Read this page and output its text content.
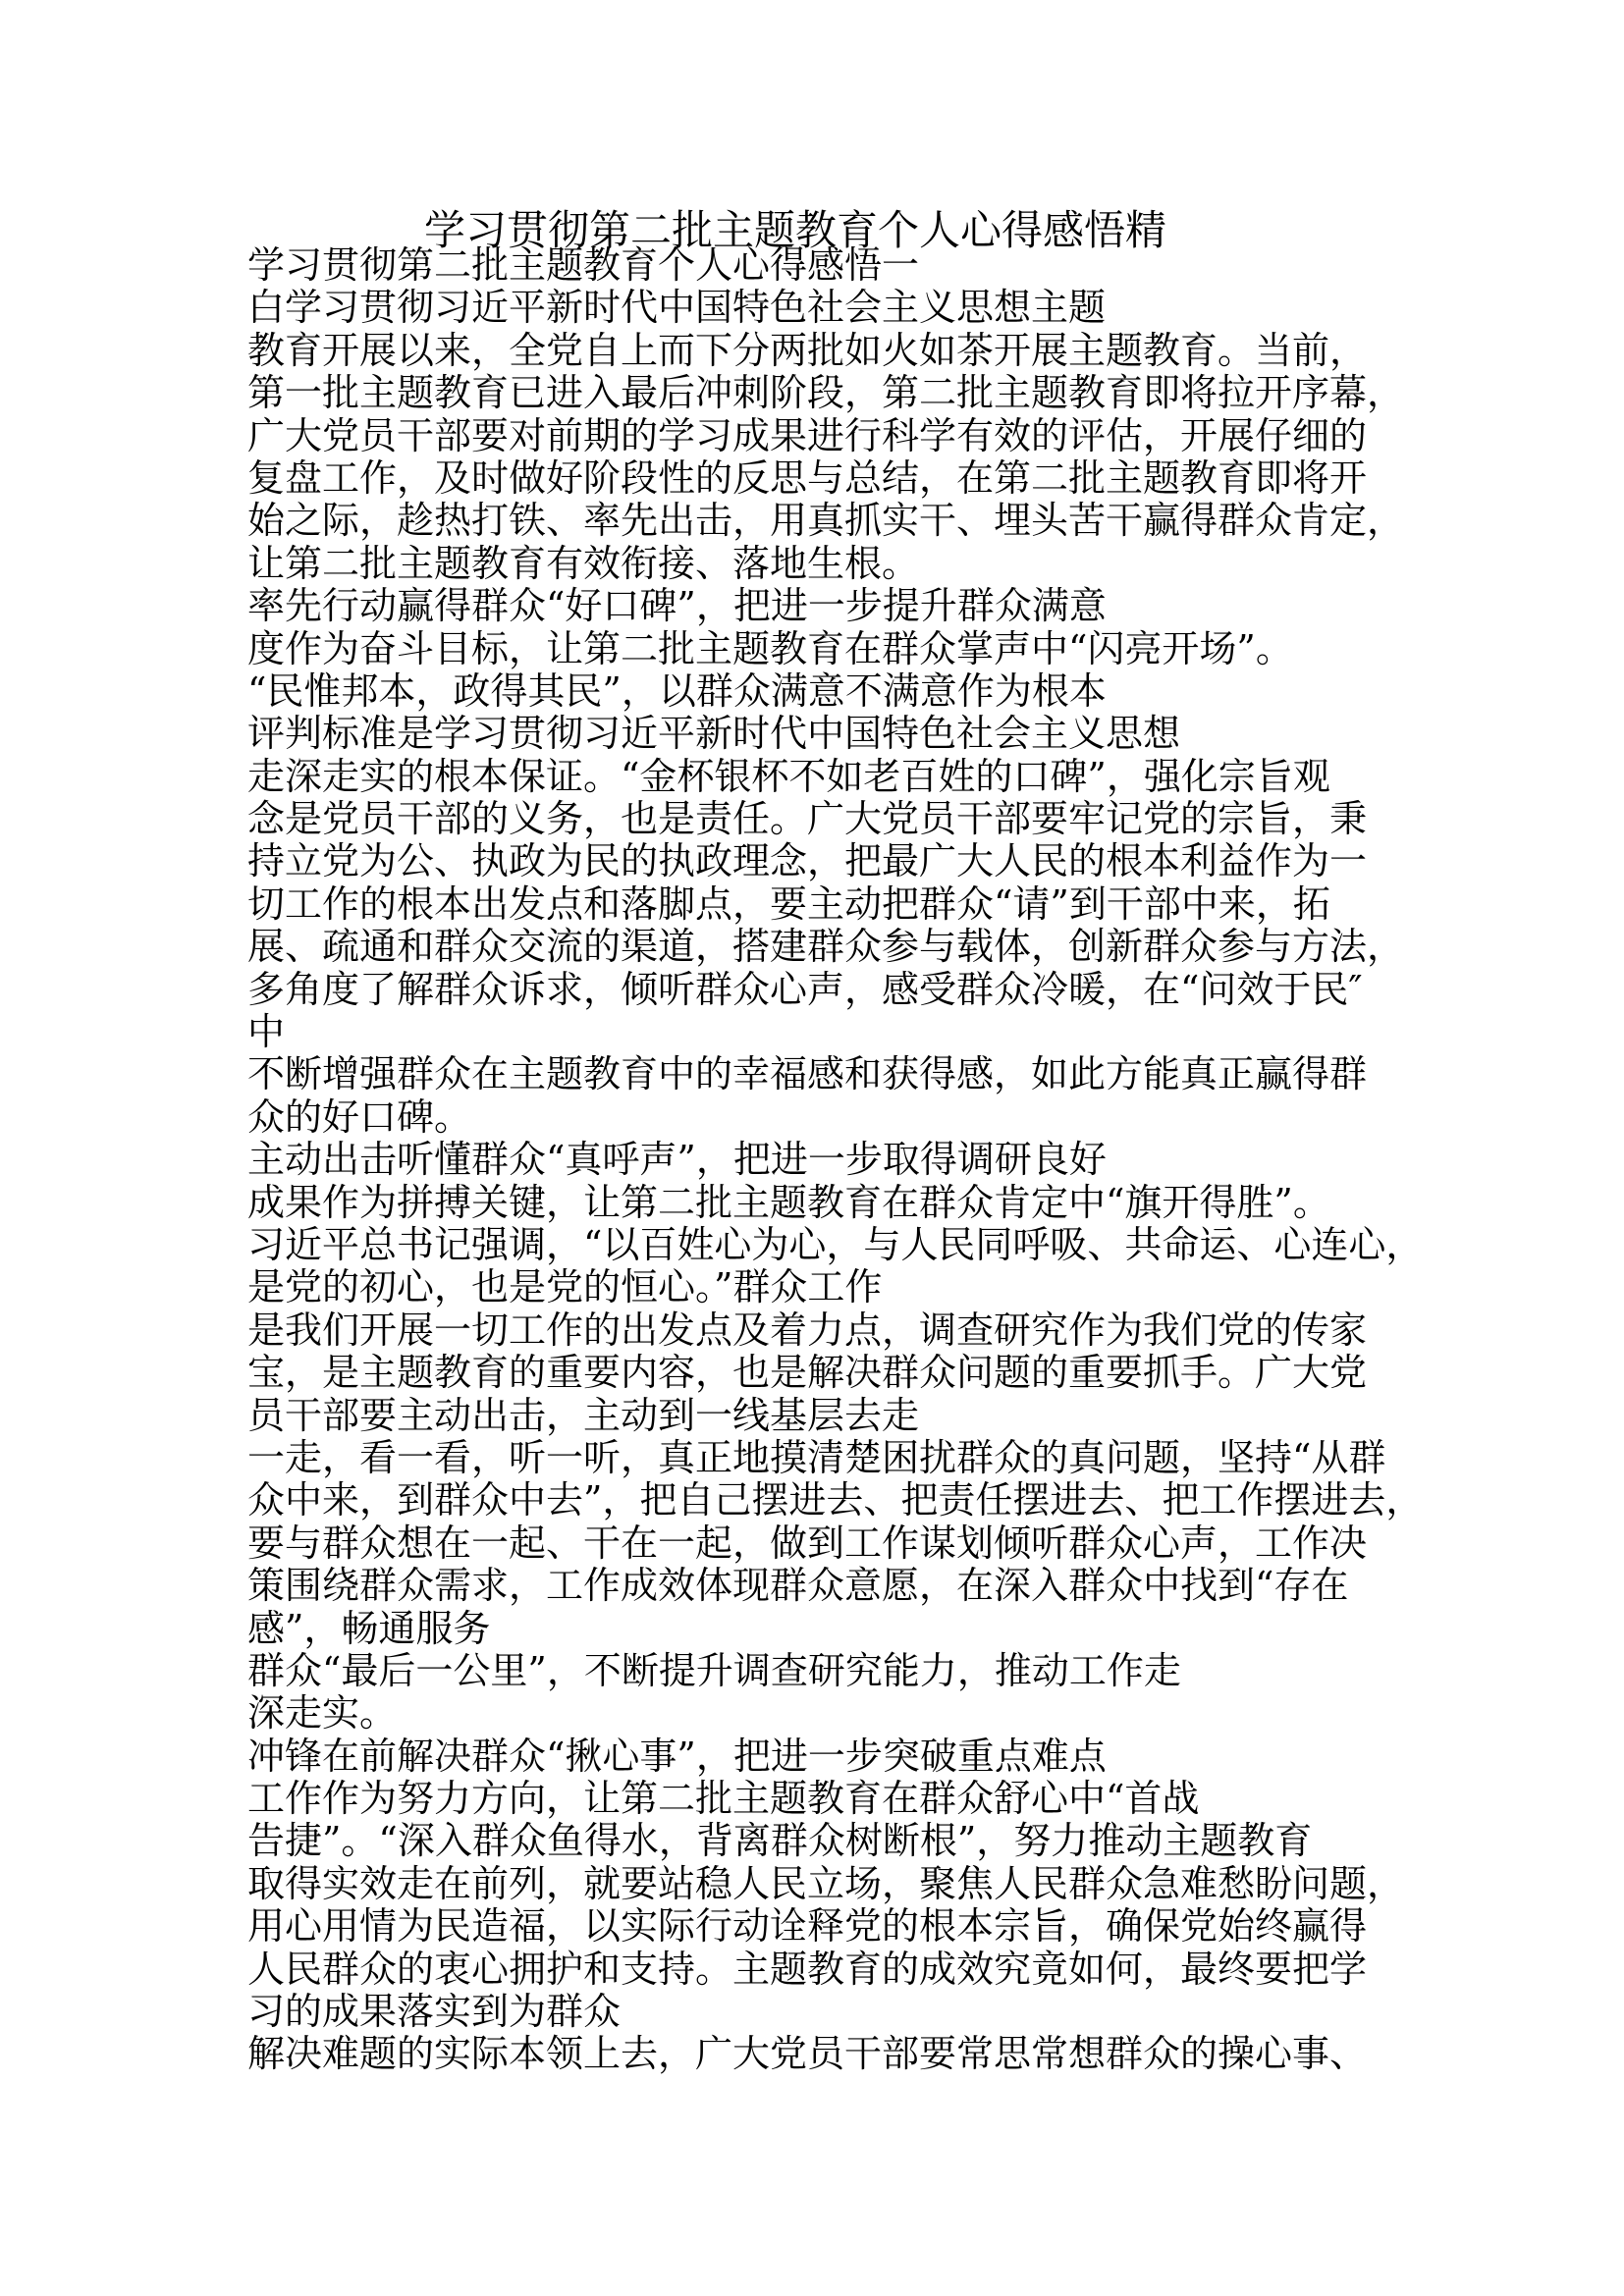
学习贯彻第二批主题教育个人心得感悟精
学习贯彻第二批主题教育个人心得感悟一
白学习贯彻习近平新时代中国特色社会主义思想主题
教育开展以来，全党自上而下分两批如火如茶开展主题教育。当前，
第一批主题教育已进入最后冲刺阶段，第二批主题教育即将拉开序幕，
广大党员干部要对前期的学习成果进行科学有效的评估，开展仔细的
复盘工作，及时做好阶段性的反思与总结，在第二批主题教育即将开
始之际，趁热打铁、率先出击，用真抓实干、埋头苦干赢得群众肯定，
让第二批主题教育有效衔接、落地生根。
率先行动赢得群众“好口碑”，把进一步提升群众满意
度作为奋斗目标，让第二批主题教育在群众掌声中“闪亮开场”。
“民惟邦本，政得其民”，以群众满意不满意作为根本
评判标准是学习贯彻习近平新时代中国特色社会主义思想
走深走实的根本保证。“金杯银杯不如老百姓的口碑”，强化宗旨观
念是党员干部的义务，也是责任。广大党员干部要牢记党的宗旨，秉
持立党为公、执政为民的执政理念，把最广大人民的根本利益作为一
切工作的根本出发点和落脚点，要主动把群众“请”到干部中来，拓
展、疏通和群众交流的渠道，搭建群众参与载体，创新群众参与方法，
多角度了解群众诉求，倾听群众心声，感受群众冷暖，在“问效于民″
中
不断增强群众在主题教育中的幸福感和获得感，如此方能真正赢得群
众的好口碑。
主动出击听懂群众“真呼声”，把进一步取得调研良好
成果作为拼搏关键，让第二批主题教育在群众肯定中“旗开得胜”。
习近平总书记强调，“以百姓心为心，与人民同呼吸、共命运、心连心，
是党的初心，也是党的恒心。”群众工作
是我们开展一切工作的出发点及着力点，调查研究作为我们党的传家
宝，是主题教育的重要内容，也是解决群众问题的重要抓手。广大党
员干部要主动出击，主动到一线基层去走
一走，看一看，听一听，真正地摸清楚困扰群众的真问题，坚持“从群
众中来，到群众中去”，把自己摆进去、把责任摆进去、把工作摆进去，
要与群众想在一起、干在一起，做到工作谋划倾听群众心声，工作决
策围绕群众需求，工作成效体现群众意愿，在深入群众中找到“存在
感”，畅通服务
群众“最后一公里”，不断提升调查研究能力，推动工作走
深走实。
冲锋在前解决群众“揪心事”，把进一步突破重点难点
工作作为努力方向，让第二批主题教育在群众舒心中“首战
告捷”。“深入群众鱼得水，背离群众树断根”，努力推动主题教育
取得实效走在前列，就要站稳人民立场，聚焦人民群众急难愁盼问题，
用心用情为民造福，以实际行动诠释党的根本宗旨，确保党始终赢得
人民群众的衷心拥护和支持。主题教育的成效究竟如何，最终要把学
习的成果落实到为群众
解决难题的实际本领上去，广大党员干部要常思常想群众的操心事、
